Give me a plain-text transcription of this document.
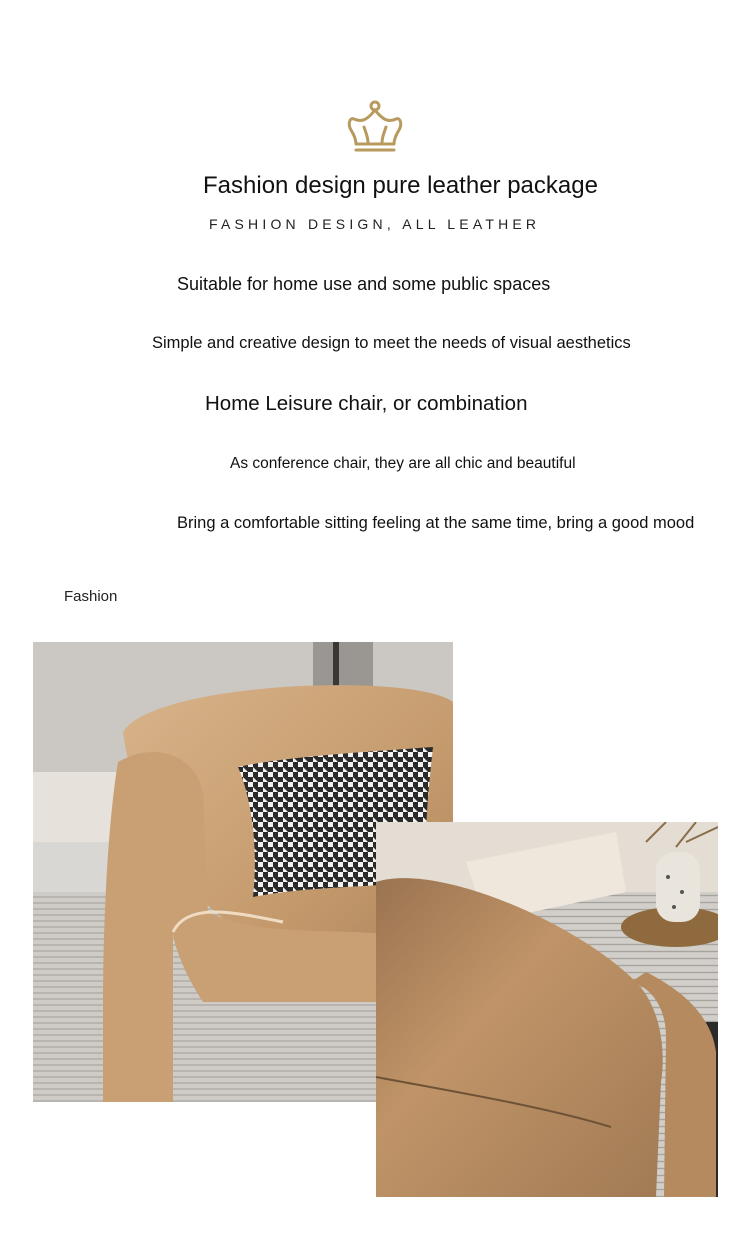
Fashion design pure leather package
FASHION DESIGN, ALL LEATHER
Suitable for home use and some public spaces
Simple and creative design to meet the needs of visual aesthetics
Home Leisure chair, or combination
As conference chair, they are all chic and beautiful
Bring a comfortable sitting feeling at the same time, bring a good mood
Fashion
